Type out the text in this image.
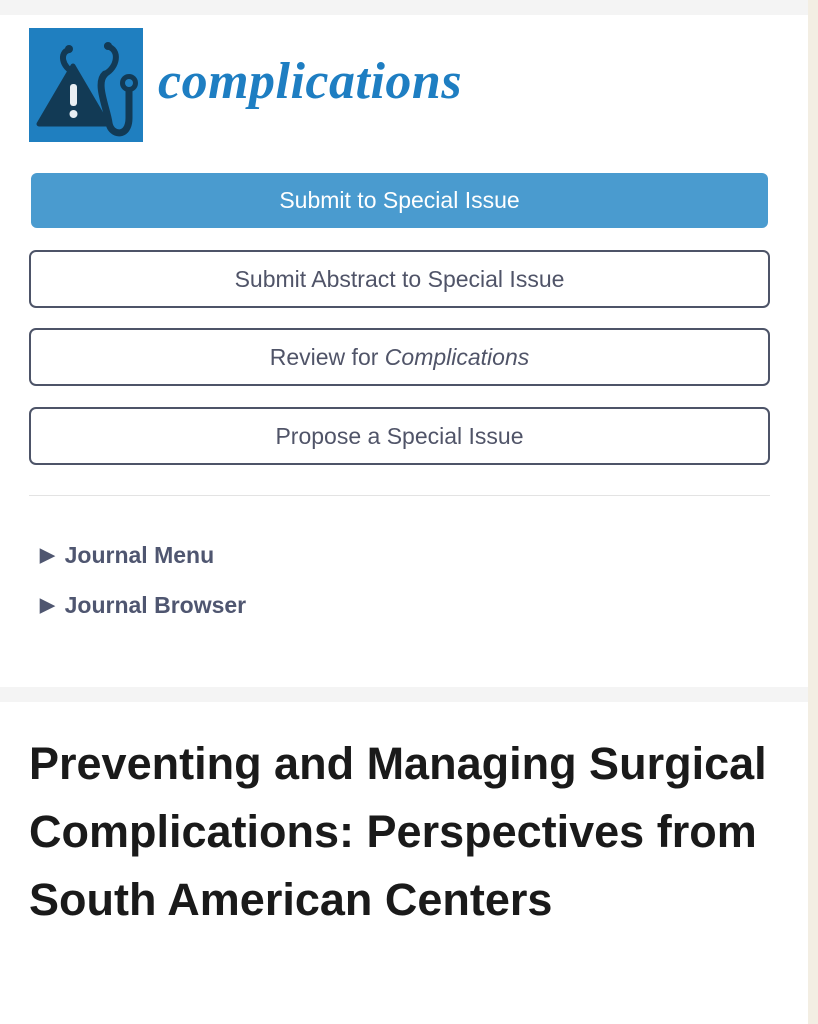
complications
Submit to Special Issue
Submit Abstract to Special Issue
Review for Complications
Propose a Special Issue
▶ Journal Menu
▶ Journal Browser
Preventing and Managing Surgical Complications: Perspectives from South American Centers
